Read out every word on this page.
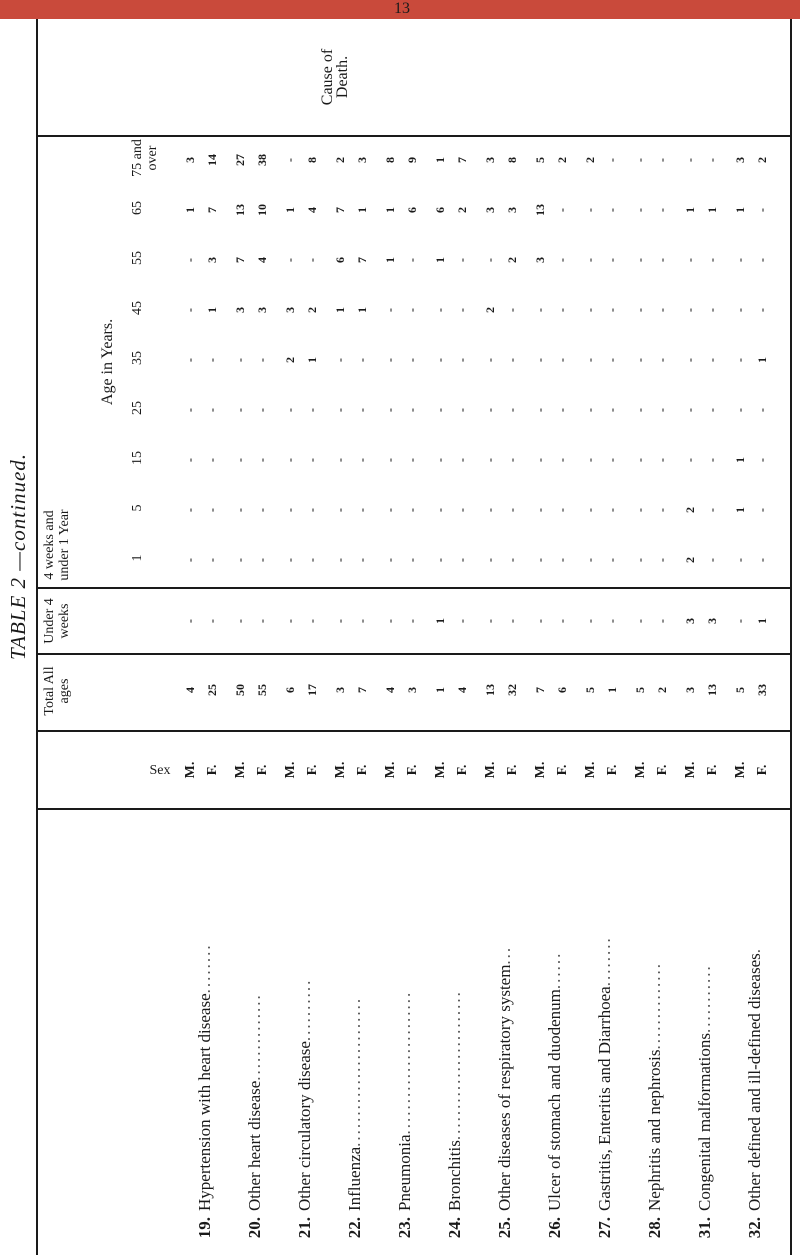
13
TABLE 2 —continued.
Sex
Cause of Death.
Total All ages
Under 4 weeks
4 weeks and under 1 Year
Age in Years.
1
5
15
25
35
45
55
65
75 and over
19.
Hypertension with heart disease
........
M.
4
-
-
-
-
-
-
-
-
1
3
F.
25
-
-
-
-
-
-
1
3
7
14
20.
Other heart disease
..............
M.
50
-
-
-
-
-
-
3
7
13
27
F.
55
-
-
-
-
-
-
3
4
10
38
21.
Other circulatory disease
..........
M.
6
-
-
-
-
-
2
3
-
1
-
F.
17
-
-
-
-
-
1
2
-
4
8
22.
Influenza
........................
M.
3
-
-
-
-
-
-
1
6
7
2
F.
7
-
-
-
-
-
-
1
7
1
3
23.
Pneumonia
.......................
M.
4
-
-
-
-
-
-
-
1
1
8
F.
3
-
-
-
-
-
-
-
-
6
9
24.
Bronchitis
........................
M.
1
1
-
-
-
-
-
-
1
6
1
F.
4
-
-
-
-
-
-
-
-
2
7
25.
Other diseases of respiratory system
...
M.
13
-
-
-
-
-
-
2
-
3
3
F.
32
-
-
-
-
-
-
-
2
3
8
26.
Ulcer of stomach and duodenum
......
M.
7
-
-
-
-
-
-
-
3
13
5
F.
6
-
-
-
-
-
-
-
-
-
2
27.
Gastritis, Enteritis and Diarrhoea
........
M.
5
-
-
-
-
-
-
-
-
-
2
F.
1
-
-
-
-
-
-
-
-
-
-
28.
Nephritis and nephrosis
..............
M.
5
-
-
-
-
-
-
-
-
-
-
F.
2
-
-
-
-
-
-
-
-
-
-
31.
Congenital malformations
...........
M.
3
3
2
2
-
-
-
-
-
1
-
F.
13
3
-
-
-
-
-
-
-
1
-
32.
Other defined and ill-defined diseases
.
M.
5
-
-
1
1
-
-
-
-
1
3
F.
33
1
-
-
-
-
1
-
-
-
2
